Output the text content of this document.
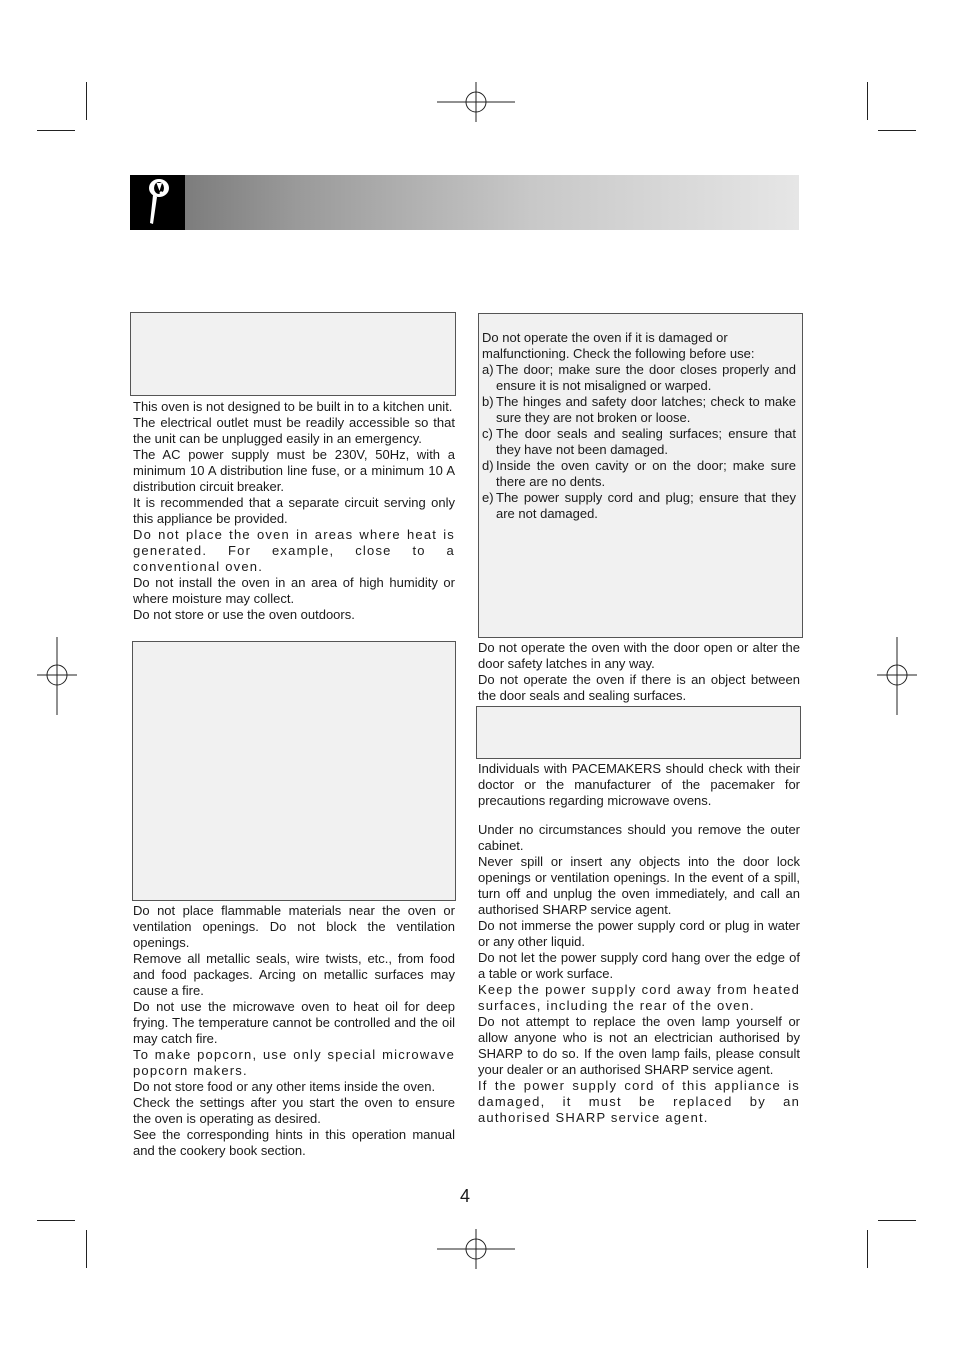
This oven is not designed to be built in to a kitchen unit.

The electrical outlet must be readily accessible so that the unit can be unplugged easily in an emergency.

The AC power supply must be 230V, 50Hz, with a minimum 10 A distribution line fuse, or a minimum 10 A distribution circuit breaker.

It is recommended that a separate circuit serving only this appliance be provided.

Do not place the oven in areas where heat is generated. For example, close to a conventional oven.

Do not install the oven in an area of high humidity or where moisture may collect.

Do not store or use the oven outdoors.

Do not place flammable materials near the oven or ventilation openings. Do not block the ventilation openings.

Remove all metallic seals, wire twists, etc., from food and food packages. Arcing on metallic surfaces may cause a fire.

Do not use the microwave oven to heat oil for deep frying. The temperature cannot be controlled and the oil may catch fire.

To make popcorn, use only special microwave popcorn makers.

Do not store food or any other items inside the oven.

Check the settings after you start the oven to ensure the oven is operating as desired.

See the corresponding hints in this operation manual and the cookery book section.

Do not operate the oven if it is damaged or malfunctioning. Check the following before use:

a) The door; make sure the door closes properly and ensure it is not misaligned or warped.
b) The hinges and safety door latches; check to make sure they are not broken or loose.
c) The door seals and sealing surfaces; ensure that they have not been damaged.
d) Inside the oven cavity or on the door; make sure there are no dents.
e) The power supply cord and plug; ensure that they are not damaged.

Do not operate the oven with the door open or alter the door safety latches in any way.

Do not operate the oven if there is an object between the door seals and sealing surfaces.

Individuals with PACEMAKERS should check with their doctor or the manufacturer of the pacemaker for precautions regarding microwave ovens.

Under no circumstances should you remove the outer cabinet.

Never spill or insert any objects into the door lock openings or ventilation openings. In the event of a spill, turn off and unplug the oven immediately, and call an authorised SHARP service agent.

Do not immerse the power supply cord or plug in water or any other liquid.

Do not let the power supply cord hang over the edge of a table or work surface.

Keep the power supply cord away from heated surfaces, including the rear of the oven.

Do not attempt to replace the oven lamp yourself or allow anyone who is not an electrician authorised by SHARP to do so. If the oven lamp fails, please consult your dealer or an authorised SHARP service agent.

If the power supply cord of this appliance is damaged, it must be replaced by an authorised SHARP service agent.

4
